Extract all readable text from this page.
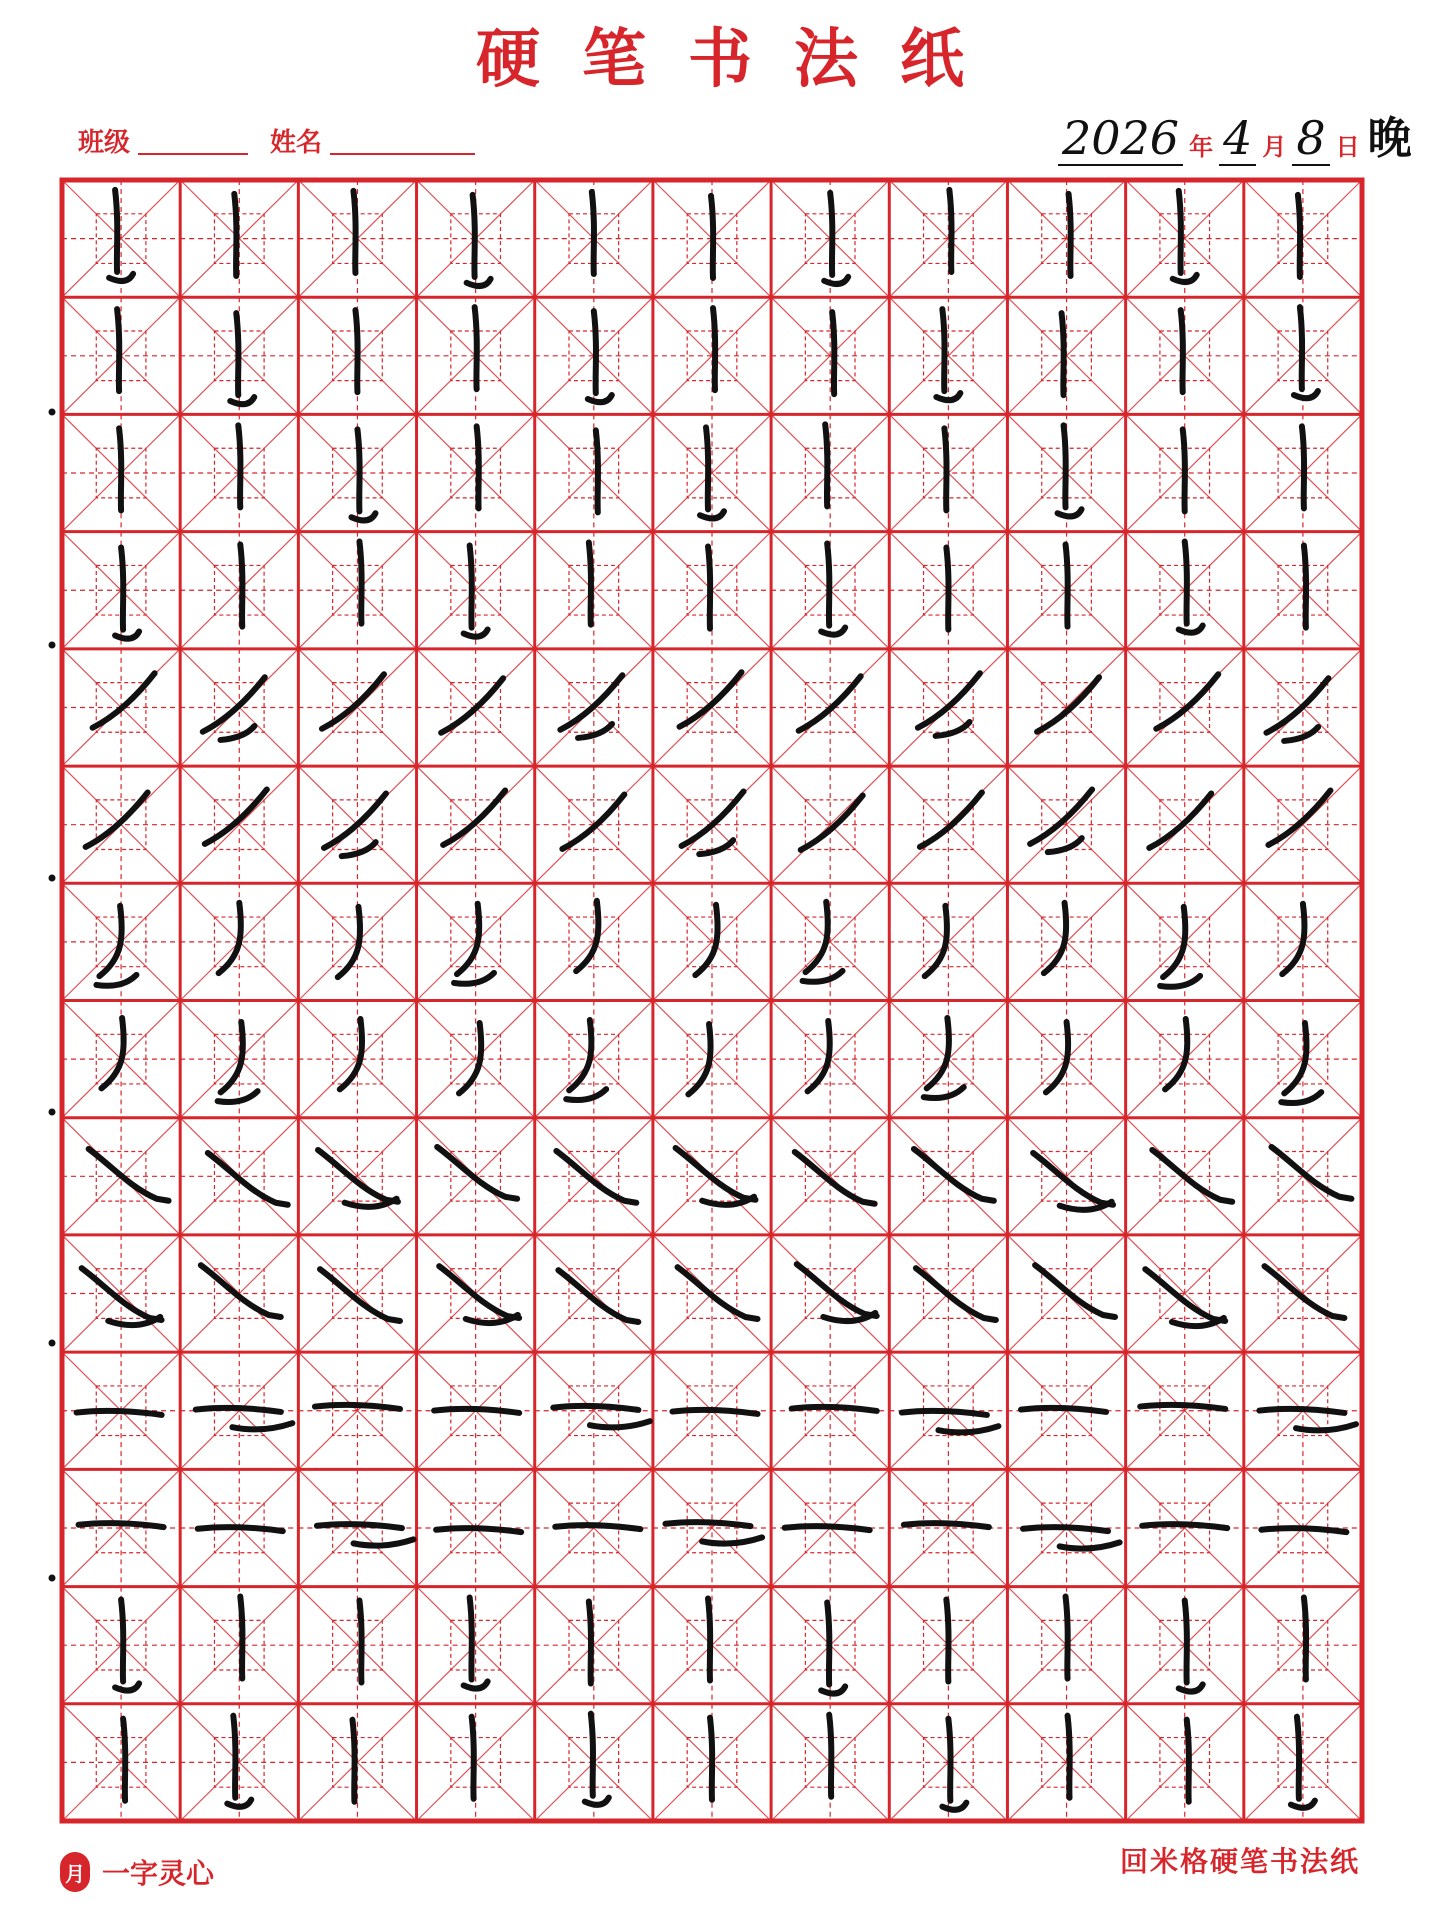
硬笔书法纸
班级	姓名	2026 年 4 月 8 日 晚
月 一字灵心	回米格硬笔书法纸
